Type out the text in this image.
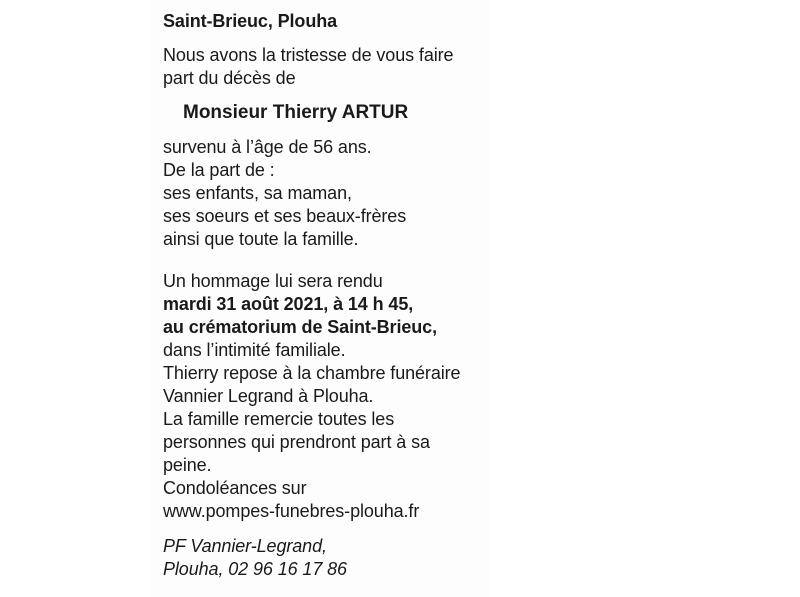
Saint-Brieuc, Plouha
Nous avons la tristesse de vous faire
part du décès de
Monsieur Thierry ARTUR
survenu à l’âge de 56 ans.
De la part de :
ses enfants, sa maman,
ses soeurs et ses beaux-frères
ainsi que toute la famille.
Un hommage lui sera rendu
mardi 31 août 2021, à 14 h 45,
au crématorium de Saint-Brieuc,
dans l’intimité familiale.
Thierry repose à la chambre funéraire
Vannier Legrand à Plouha.
La famille remercie toutes les
personnes qui prendront part à sa
peine.
Condoléances sur
www.pompes-funebres-plouha.fr
PF Vannier-Legrand,
Plouha, 02 96 16 17 86
